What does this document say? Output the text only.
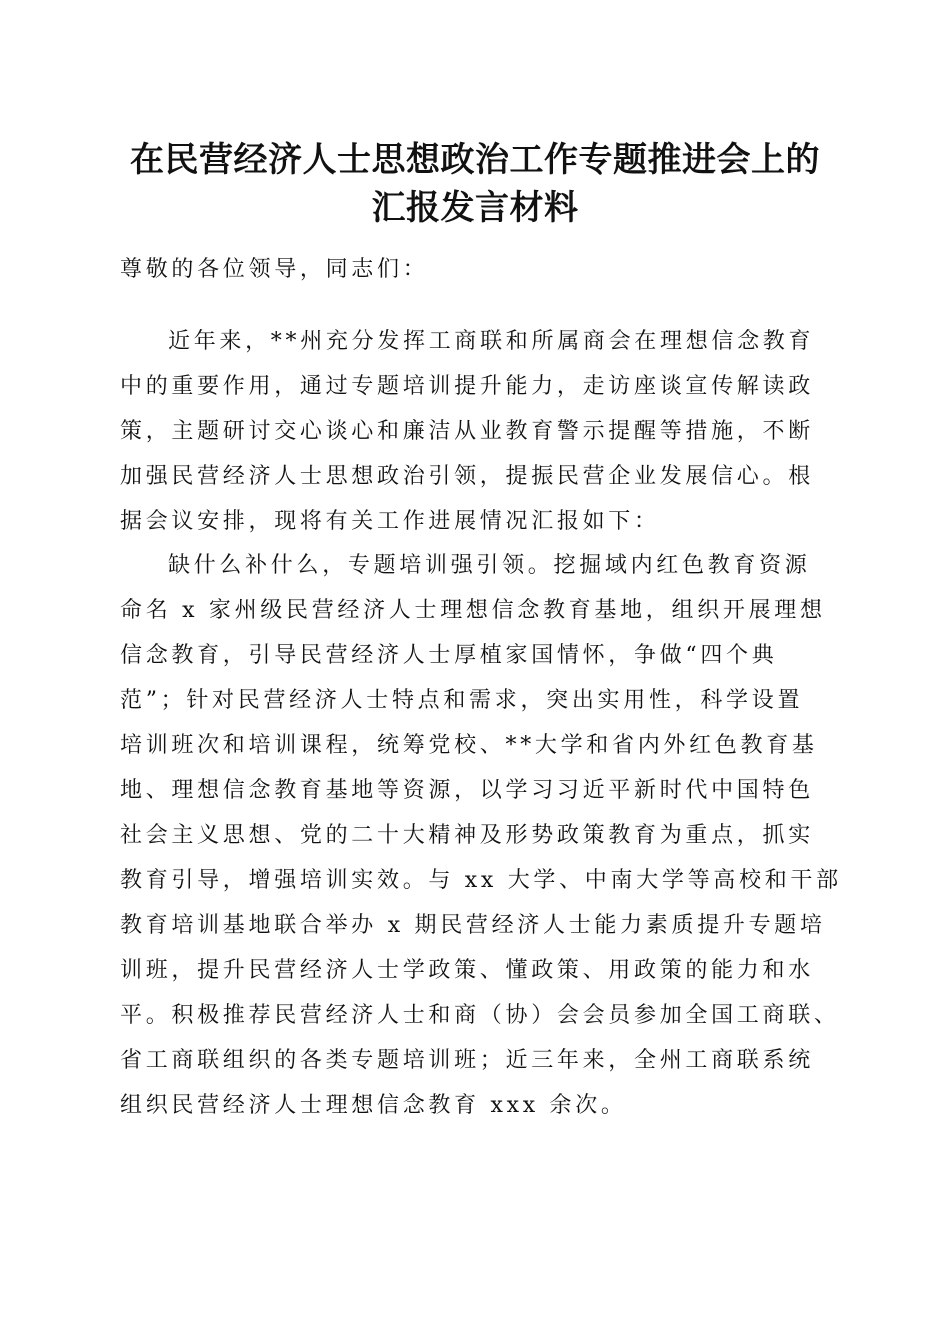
在民营经济人士思想政治工作专题推进会上的
汇报发言材料

尊敬的各位领导，同志们：

近年来，**州充分发挥工商联和所属商会在理想信念教育

中的重要作用，通过专题培训提升能力，走访座谈宣传解读政

策，主题研讨交心谈心和廉洁从业教育警示提醒等措施，不断

加强民营经济人士思想政治引领，提振民营企业发展信心。根

据会议安排，现将有关工作进展情况汇报如下：

缺什么补什么，专题培训强引领。挖掘域内红色教育资源

命名 x 家州级民营经济人士理想信念教育基地，组织开展理想

信念教育，引导民营经济人士厚植家国情怀，争做“四个典

范”；针对民营经济人士特点和需求，突出实用性，科学设置

培训班次和培训课程，统筹党校、**大学和省内外红色教育基

地、理想信念教育基地等资源，以学习习近平新时代中国特色

社会主义思想、党的二十大精神及形势政策教育为重点，抓实

教育引导，增强培训实效。与 xx 大学、中南大学等高校和干部

教育培训基地联合举办 x 期民营经济人士能力素质提升专题培

训班，提升民营经济人士学政策、懂政策、用政策的能力和水

平。积极推荐民营经济人士和商（协）会会员参加全国工商联、

省工商联组织的各类专题培训班；近三年来，全州工商联系统

组织民营经济人士理想信念教育 xxx 余次。
